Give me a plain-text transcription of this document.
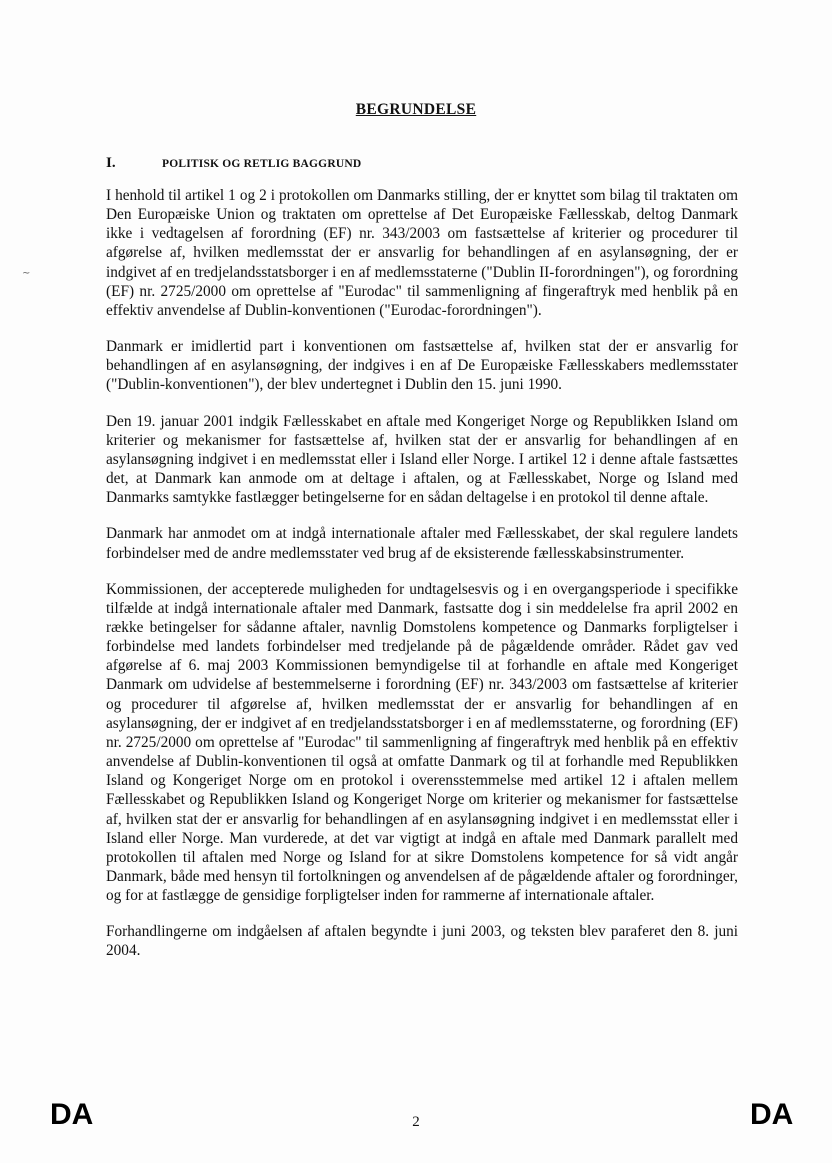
∼
BEGRUNDELSE
I.	POLITISK OG RETLIG BAGGRUND

I henhold til artikel 1 og 2 i protokollen om Danmarks stilling, der er knyttet som bilag til traktaten om Den Europæiske Union og traktaten om oprettelse af Det Europæiske Fællesskab, deltog Danmark ikke i vedtagelsen af forordning (EF) nr. 343/2003 om fastsættelse af kriterier og procedurer til afgørelse af, hvilken medlemsstat der er ansvarlig for behandlingen af en asylansøgning, der er indgivet af en tredjelandsstatsborger i en af medlemsstaterne ("Dublin II-forordningen"), og forordning (EF) nr. 2725/2000 om oprettelse af "Eurodac" til sammenligning af fingeraftryk med henblik på en effektiv anvendelse af Dublin-konventionen ("Eurodac-forordningen").

Danmark er imidlertid part i konventionen om fastsættelse af, hvilken stat der er ansvarlig for behandlingen af en asylansøgning, der indgives i en af De Europæiske Fællesskabers medlemsstater ("Dublin-konventionen"), der blev undertegnet i Dublin den 15. juni 1990.

Den 19. januar 2001 indgik Fællesskabet en aftale med Kongeriget Norge og Republikken Island om kriterier og mekanismer for fastsættelse af, hvilken stat der er ansvarlig for behandlingen af en asylansøgning indgivet i en medlemsstat eller i Island eller Norge. I artikel 12 i denne aftale fastsættes det, at Danmark kan anmode om at deltage i aftalen, og at Fællesskabet, Norge og Island med Danmarks samtykke fastlægger betingelserne for en sådan deltagelse i en protokol til denne aftale.

Danmark har anmodet om at indgå internationale aftaler med Fællesskabet, der skal regulere landets forbindelser med de andre medlemsstater ved brug af de eksisterende fællesskabsinstrumenter.

Kommissionen, der accepterede muligheden for undtagelsesvis og i en overgangsperiode i specifikke tilfælde at indgå internationale aftaler med Danmark, fastsatte dog i sin meddelelse fra april 2002 en række betingelser for sådanne aftaler, navnlig Domstolens kompetence og Danmarks forpligtelser i forbindelse med landets forbindelser med tredjelande på de pågældende områder. Rådet gav ved afgørelse af 6. maj 2003 Kommissionen bemyndigelse til at forhandle en aftale med Kongeriget Danmark om udvidelse af bestemmelserne i forordning (EF) nr. 343/2003 om fastsættelse af kriterier og procedurer til afgørelse af, hvilken medlemsstat der er ansvarlig for behandlingen af en asylansøgning, der er indgivet af en tredjelandsstatsborger i en af medlemsstaterne, og forordning (EF) nr. 2725/2000 om oprettelse af "Eurodac" til sammenligning af fingeraftryk med henblik på en effektiv anvendelse af Dublin-konventionen til også at omfatte Danmark og til at forhandle med Republikken Island og Kongeriget Norge om en protokol i overensstemmelse med artikel 12 i aftalen mellem Fællesskabet og Republikken Island og Kongeriget Norge om kriterier og mekanismer for fastsættelse af, hvilken stat der er ansvarlig for behandlingen af en asylansøgning indgivet i en medlemsstat eller i Island eller Norge. Man vurderede, at det var vigtigt at indgå en aftale med Danmark parallelt med protokollen til aftalen med Norge og Island for at sikre Domstolens kompetence for så vidt angår Danmark, både med hensyn til fortolkningen og anvendelsen af de pågældende aftaler og forordninger, og for at fastlægge de gensidige forpligtelser inden for rammerne af internationale aftaler.

Forhandlingerne om indgåelsen af aftalen begyndte i juni 2003, og teksten blev paraferet den 8. juni 2004.

DA	2	DA
